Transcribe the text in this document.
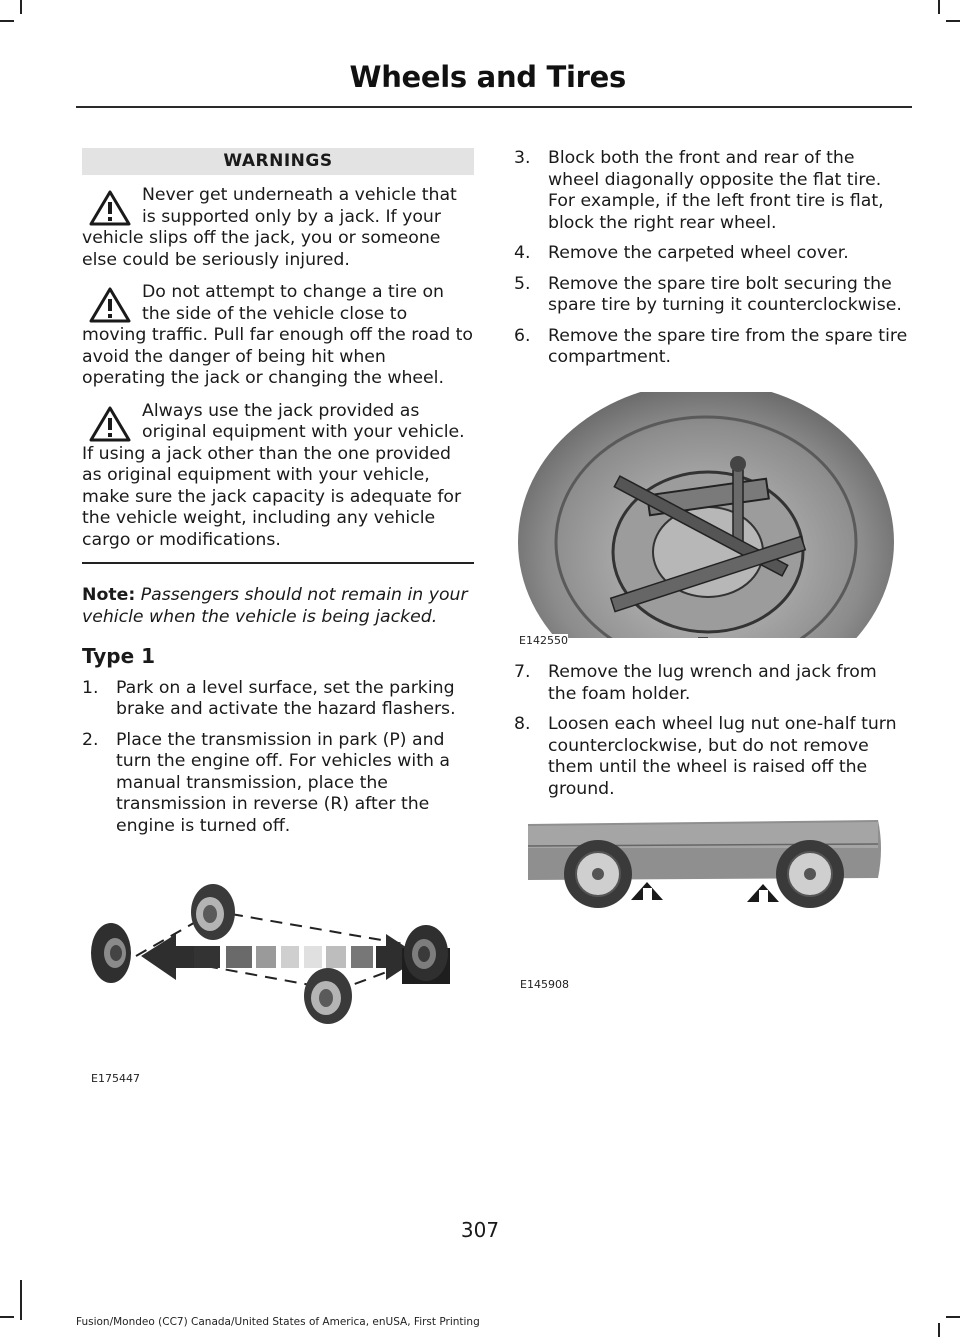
Wheels and Tires
WARNINGS
Never get underneath a vehicle that is supported only by a jack. If your vehicle slips off the jack, you or someone else could be seriously injured.
Do not attempt to change a tire on the side of the vehicle close to moving traffic. Pull far enough off the road to avoid the danger of being hit when operating the jack or changing the wheel.
Always use the jack provided as original equipment with your vehicle. If using a jack other than the one provided as original equipment with your vehicle, make sure the jack capacity is adequate for the vehicle weight, including any vehicle cargo or modifications.
Note: Passengers should not remain in your vehicle when the vehicle is being jacked.
Type 1
1. Park on a level surface, set the parking brake and activate the hazard flashers.
2. Place the transmission in park (P) and turn the engine off. For vehicles with a manual transmission, place the transmission in reverse (R) after the engine is turned off.
E175447
3. Block both the front and rear of the wheel diagonally opposite the flat tire. For example, if the left front tire is flat, block the right rear wheel.
4. Remove the carpeted wheel cover.
5. Remove the spare tire bolt securing the spare tire by turning it counterclockwise.
6. Remove the spare tire from the spare tire compartment.
E142550
7. Remove the lug wrench and jack from the foam holder.
8. Loosen each wheel lug nut one-half turn counterclockwise, but do not remove them until the wheel is raised off the ground.
E145908
307
Fusion/Mondeo (CC7) Canada/United States of America, enUSA, First Printing
